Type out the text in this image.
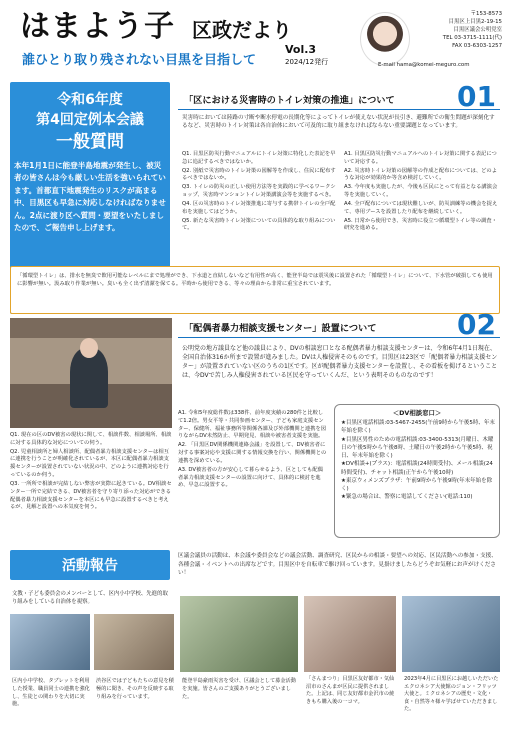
はまよう子 区政だより
Vol.3
2024/12発行
誰ひとり取り残されない目黒を目指して
〒153-8573
目黒区上目黒2-19-15
目黒区議会公明党室
TEL 03-3715-1111(代)
FAX 03-6303-1257
E-mail hama@komei-meguro.com
令和6年度
第4回定例本会議
一般質問
本年1月1日に能登半島地震が発生し、被災者の皆さんは今も厳しい生活を強いられています。首都直下地震発生のリスクが高まる中、目黒区も早急に対応しなければなりません。2点に渡り区へ質問・要望をいたしましたので、ご報告申し上げます。
「区における災害時のトイレ対策の推進」について 01
災害時においては陸路の寸断や断水停電の長期化等によってトイレが使えない状況が長引き、避難所での衛生問題が深刻化するなど、災害時のトイレ対策は各自治体において可及的に取り組まなければならない重要課題となっています。
Q1. 目黒区防災行動マニュアルにトイレ対策に特化した表記を早急に追記するべきではないか。
Q2. 別紙で災害時のトイレ対策の図解等を作成し、住民に配布するべきではないか。
Q3. トイレの防災の正しい使用方法等を実践的に学べるワークショップ、災害時マンショントイレ対策講演会等を実施するべき。
Q4. 区の災害時のトイレ対策推進に寄与する携帯トイレの全戸配布を実施してはどうか。
Q5. 新たな災害時トイレ対策についての具体的な取り組みについて。
A1. 目黒区防災行動マニュアルへのトイレ対策に関する表記について対応する。
A2. 災害時トイレ対策の図解等の作成と配布については、どのような対応が効果的か等含め検討していく。
A3. 今年度も実施したが、今後も区民にとって有益となる講演会等を実施していく。
A4. 全戸配布については現状難しいが、防災訓練等の機会を捉えて、専用ブースを設置したり配布を継続していく。
A5. 日常から使用でき、災害時に役立つ循環型トイレ等の調査・研究を進める。
「循環型トイレ」は、排水を無臭で飲用可能なレベルにまで処理ができ、下水道と直結しないなど有用性が高く、能登半島では震災後に設置された「循環型トイレ」について、下水管が破損しても使用に影響が無い。汲み取り作業が無い。臭いも全く出ず清潔を保てる。平時から使用できる、等々の理由から非常に重宝されています。
「配偶者暴力相談支援センター」設置について	02
公明党の地方議員など他の議員により、DVの相談窓口となる配偶者暴力相談支援センターは、令和6年4月1日現在、全国自治体316か所まで設置が進みました。DVは人権侵害そのものです。目黒区は23区で「配偶者暴力相談支援センター」が設置されていない区のうちの1区です。区が配偶者暴力支援センターを設置し、その看板を掲げるということは、今DVで苦しみ人権侵害されている区民を守っていくんだ、という表明そのものなのです！
Q1. 現在の区のDV被害の現状に関して、相談件数、相談場所、相談に対する具体的な対応についての伺う。
Q2. 児童相談所と婦人相談所、配偶者暴力相談支援センターは相互に連携を行うことが明確化されているが、本区に配偶者暴力相談支援センターが設置されていない状況の中、どのように連携対応を行っているのか伺う。
Q3. 一所所で相談が完結しない弊害が実際に起きている。DV相談センター一所で完結できる、DV被害者を守り寄り添った対応ができる配偶者暴力相談支援センターを本区にも早急に設置するべきと考えるが、見解と設置への本気度を伺う。
A1. 令和5年度総件数は338件、前年度実績の280件と比較して1.2倍。男女平等・共同参画センター、子ども家庭支援センター、保健所、福祉事務所等関係各課及び外部機関と連携を図りながらDV未然防止、早期発見、相談や被害者支援を実施。
A2. 「目黒区DV関係機関連絡会議」を設置して、DV被害者に対する事案対応や支援に関する情報交換を行い、関係機関との連携を深めている。
A3. DV被害者の方が安心して暮らせるよう、区としても配偶者暴力相談支援センターの設置に向けて、具体的に検討を進め、早急に設置する。
＜DV相談窓口＞
★目黒区電話相談:03-5467-2455(午前9時から午後5時、年末年始を除く)
★目黒区男性のための電話相談:03-3400-5313(月曜日、木曜日の午後5時から午後8時、土曜日の午後2時から午後5時、祝日、年末年始を除く)
★DV相談+(プラス)：電話相談(24時間受付)、メール相談(24時間受付)、チャット相談(正午から午後10時)
★東京ウィメンズプラザ：午前9時から午後9時(年末年始を除く)
★緊急の場合は、警察に電話してください(電話:110)
活動報告
区議会議員の活動は、本会議や委員会などの議会活動、調査研究、区民からの相談・要望への対応、区民活動への参加・支援、各種会議・イベントへの出席などです。目黒区中を自転車で駆け回っています。見掛けましたらどうぞお気軽にお声がけください！
文教・子ども委員会のメンバーとして、区内小中学校、先進的取り組みをしている自治体を視察。
区内小中学校、タブレットを利用した授業、職員同士の連携を強化し、生徒との関わりを大切に実施。
渋谷区では子どもたちの意見を積極的に聞き、その声を反映する取り組みを行っています。
能登半島豪雨災害を受け、区議会として募金活動を実施。皆さんのご支援ありがとうございました。
「さんまつり」目黒区友好都市・気仙沼市のさんまが区民に提供されました。上記は、同じ友好都市金沢市の焼きもち購入後の一コマ。
2023年4月に目黒区にお越しいただいたエクロネシア大使館のジョン・フリッツ大使と。ミクロネシアの歴史・文化・食・自然等々様々学ばせていただきました。
